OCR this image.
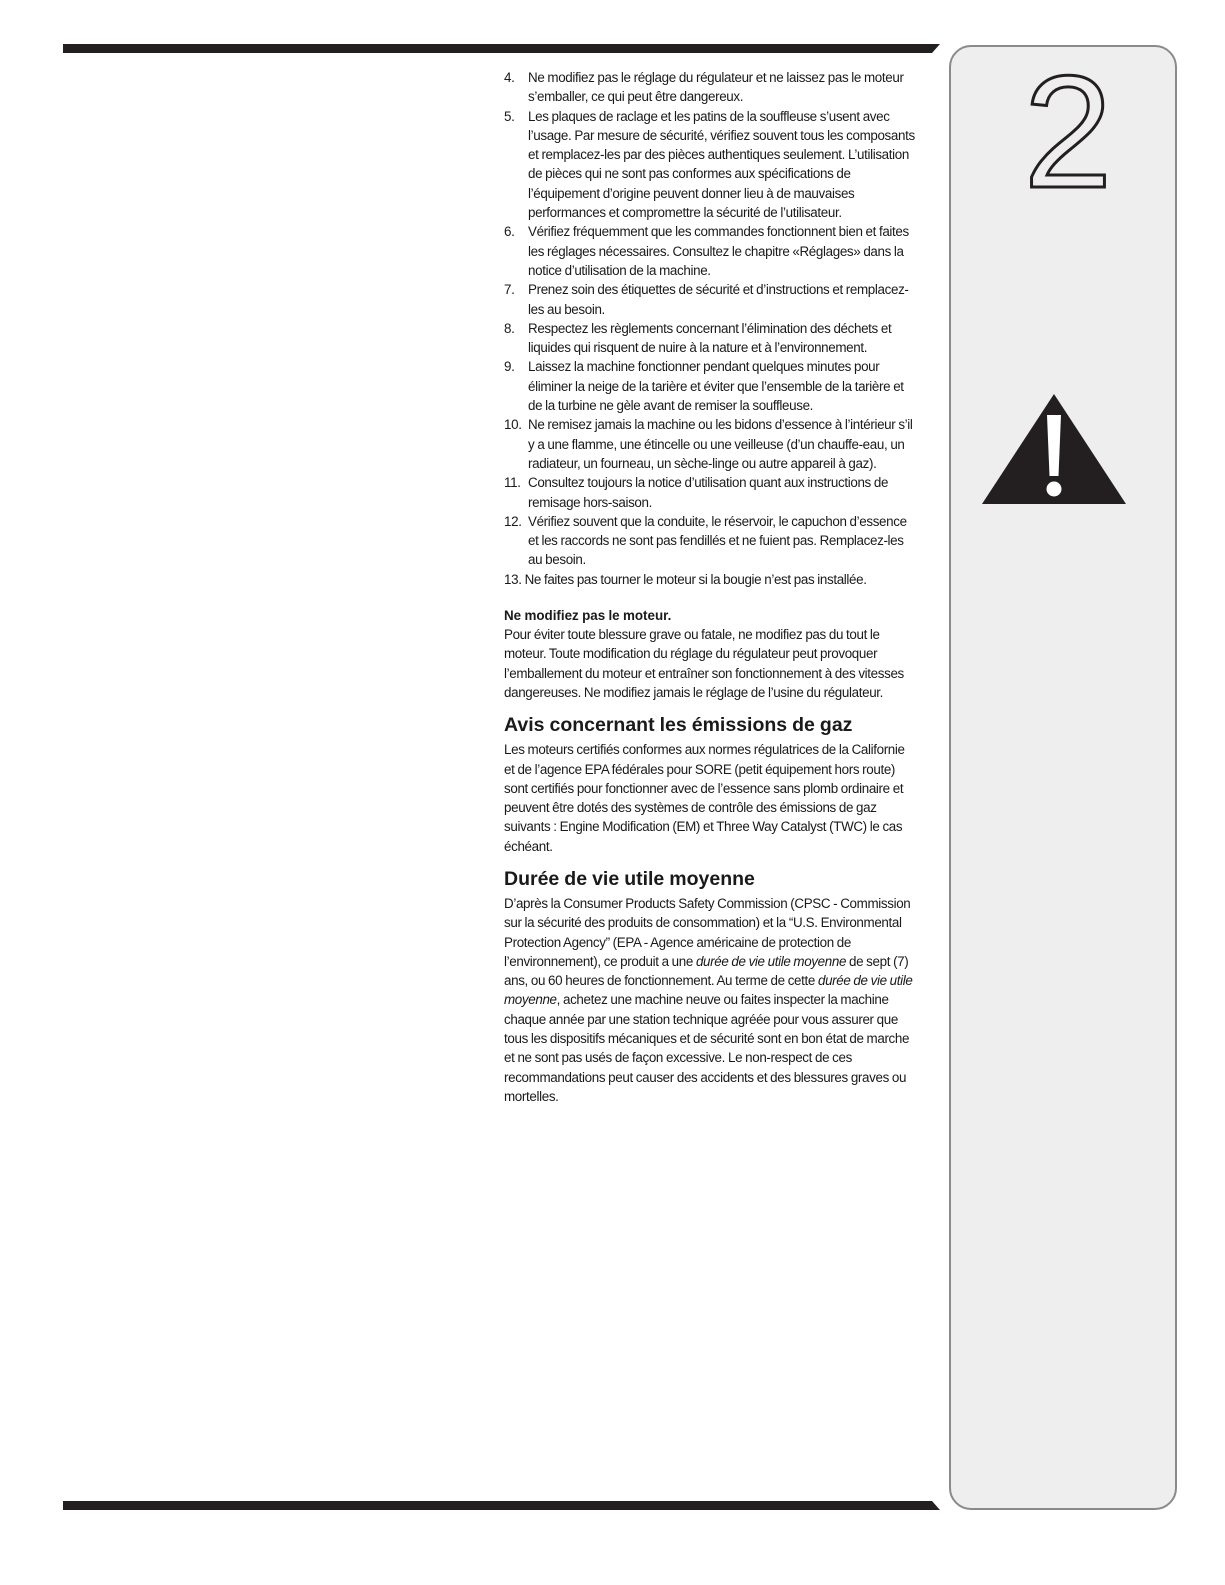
2
4. Ne modifiez pas le réglage du régulateur et ne laissez pas le moteur s’emballer, ce qui peut être dangereux.
5. Les plaques de raclage et les patins de la souffleuse s’usent avec l’usage. Par mesure de sécurité, vérifiez souvent tous les composants et remplacez-les par des pièces authentiques seulement. L’utilisation de pièces qui ne sont pas conformes aux spécifications de l’équipement d’origine peuvent donner lieu à de mauvaises performances et compromettre la sécurité de l’utilisateur.
6. Vérifiez fréquemment que les commandes fonctionnent bien et faites les réglages nécessaires. Consultez le chapitre «Réglages» dans la notice d’utilisation de la machine.
7. Prenez soin des étiquettes de sécurité et d’instructions et remplacez-les au besoin.
8. Respectez les règlements concernant l’élimination des déchets et liquides qui risquent de nuire à la nature et à l’environnement.
9. Laissez la machine fonctionner pendant quelques minutes pour éliminer la neige de la tarière et éviter que l’ensemble de la tarière et de la turbine ne gèle avant de remiser la souffleuse.
10. Ne remisez jamais la machine ou les bidons d’essence à l’intérieur s’il y a une flamme, une étincelle ou une veilleuse (d’un chauffe-eau, un radiateur, un fourneau, un sèche-linge ou autre appareil à gaz).
11. Consultez toujours la notice d’utilisation quant aux instructions de remisage hors-saison.
12. Vérifiez souvent que la conduite, le réservoir, le capuchon d’essence et les raccords ne sont pas fendillés et ne fuient pas. Remplacez-les au besoin.
13. Ne faites pas tourner le moteur si la bougie n’est pas installée.
Ne modifiez pas le moteur.

Pour éviter toute blessure grave ou fatale, ne modifiez pas du tout le moteur. Toute modification du réglage du régulateur peut provoquer l’emballement du moteur et entraîner son fonctionnement à des vitesses dangereuses. Ne modifiez jamais le réglage de l’usine du régulateur.

Avis concernant les émissions de gaz

Les moteurs certifiés conformes aux normes régulatrices de la Californie et de l’agence EPA fédérales pour SORE (petit équipement hors route) sont certifiés pour fonctionner avec de l’essence sans plomb ordinaire et peuvent être dotés des systèmes de contrôle des émissions de gaz suivants : Engine Modification (EM) et Three Way Catalyst (TWC) le cas échéant.

Durée de vie utile moyenne

D’après la Consumer Products Safety Commission (CPSC - Commission sur la sécurité des produits de consommation) et la “U.S. Environmental Protection Agency” (EPA - Agence américaine de protection de l’environnement), ce produit a une durée de vie utile moyenne de sept (7) ans, ou 60 heures de fonctionnement. Au terme de cette durée de vie utile moyenne, achetez une machine neuve ou faites inspecter la machine chaque année par une station technique agréée pour vous assurer que tous les dispositifs mécaniques et de sécurité sont en bon état de marche et ne sont pas usés de façon excessive. Le non-respect de ces recommandations peut causer des accidents et des blessures graves ou mortelles.
